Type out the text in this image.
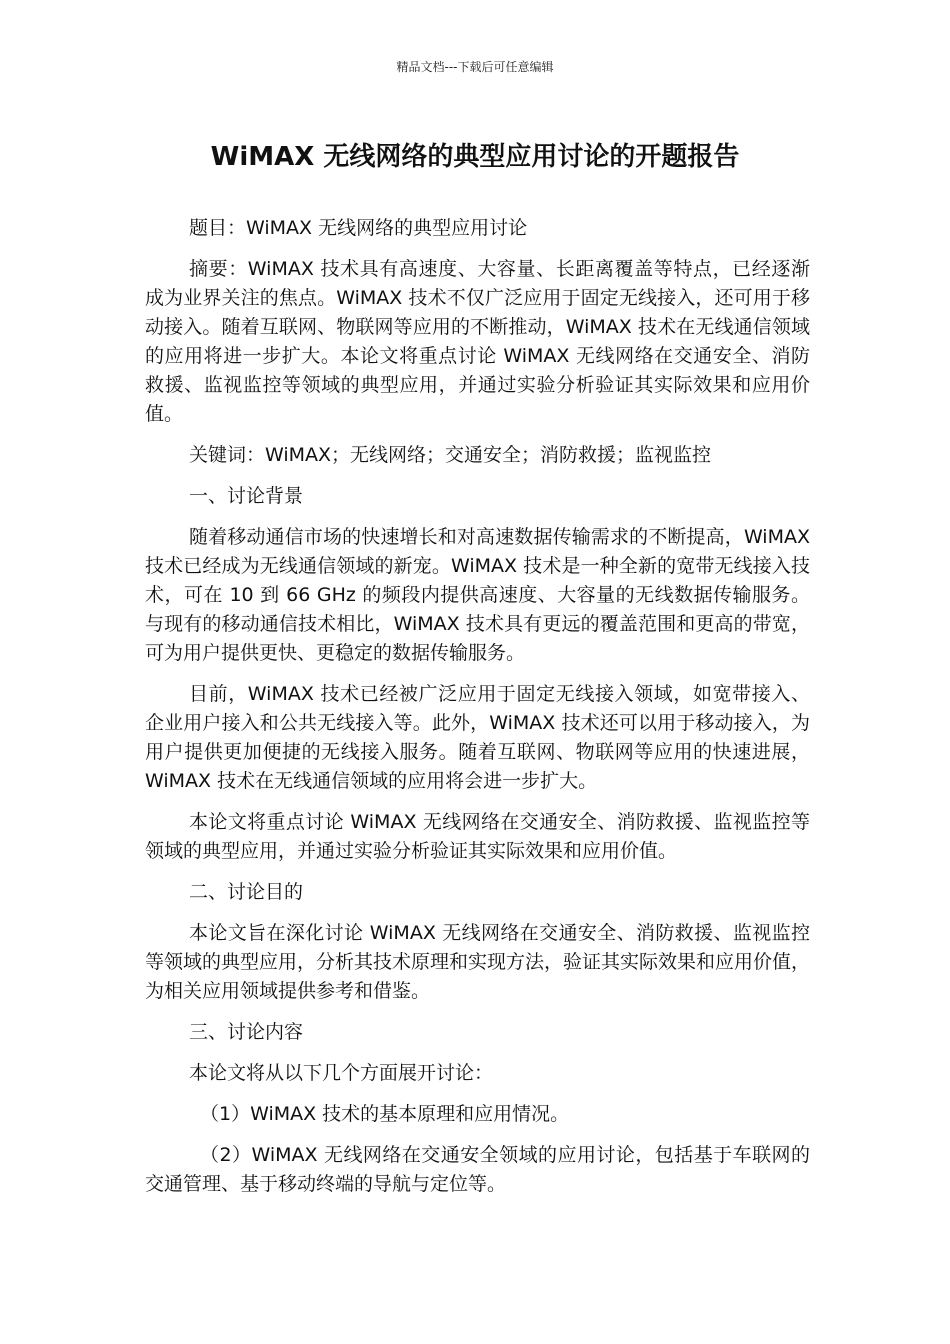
精品文档---下载后可任意编辑
WiMAX 无线网络的典型应用讨论的开题报告

题目：WiMAX 无线网络的典型应用讨论

摘要：WiMAX 技术具有高速度、大容量、长距离覆盖等特点，已经逐渐成为业界关注的焦点。WiMAX 技术不仅广泛应用于固定无线接入，还可用于移动接入。随着互联网、物联网等应用的不断推动，WiMAX 技术在无线通信领域的应用将进一步扩大。本论文将重点讨论 WiMAX 无线网络在交通安全、消防救援、监视监控等领域的典型应用，并通过实验分析验证其实际效果和应用价值。

关键词：WiMAX；无线网络；交通安全；消防救援；监视监控

一、讨论背景

随着移动通信市场的快速增长和对高速数据传输需求的不断提高，WiMAX 技术已经成为无线通信领域的新宠。WiMAX 技术是一种全新的宽带无线接入技术，可在 10 到 66 GHz 的频段内提供高速度、大容量的无线数据传输服务。与现有的移动通信技术相比，WiMAX 技术具有更远的覆盖范围和更高的带宽，可为用户提供更快、更稳定的数据传输服务。

目前，WiMAX 技术已经被广泛应用于固定无线接入领域，如宽带接入、企业用户接入和公共无线接入等。此外，WiMAX 技术还可以用于移动接入，为用户提供更加便捷的无线接入服务。随着互联网、物联网等应用的快速进展，WiMAX 技术在无线通信领域的应用将会进一步扩大。

本论文将重点讨论 WiMAX 无线网络在交通安全、消防救援、监视监控等领域的典型应用，并通过实验分析验证其实际效果和应用价值。

二、讨论目的

本论文旨在深化讨论 WiMAX 无线网络在交通安全、消防救援、监视监控等领域的典型应用，分析其技术原理和实现方法，验证其实际效果和应用价值，为相关应用领域提供参考和借鉴。

三、讨论内容

本论文将从以下几个方面展开讨论：

（1）WiMAX 技术的基本原理和应用情况。

（2）WiMAX 无线网络在交通安全领域的应用讨论，包括基于车联网的交通管理、基于移动终端的导航与定位等。
